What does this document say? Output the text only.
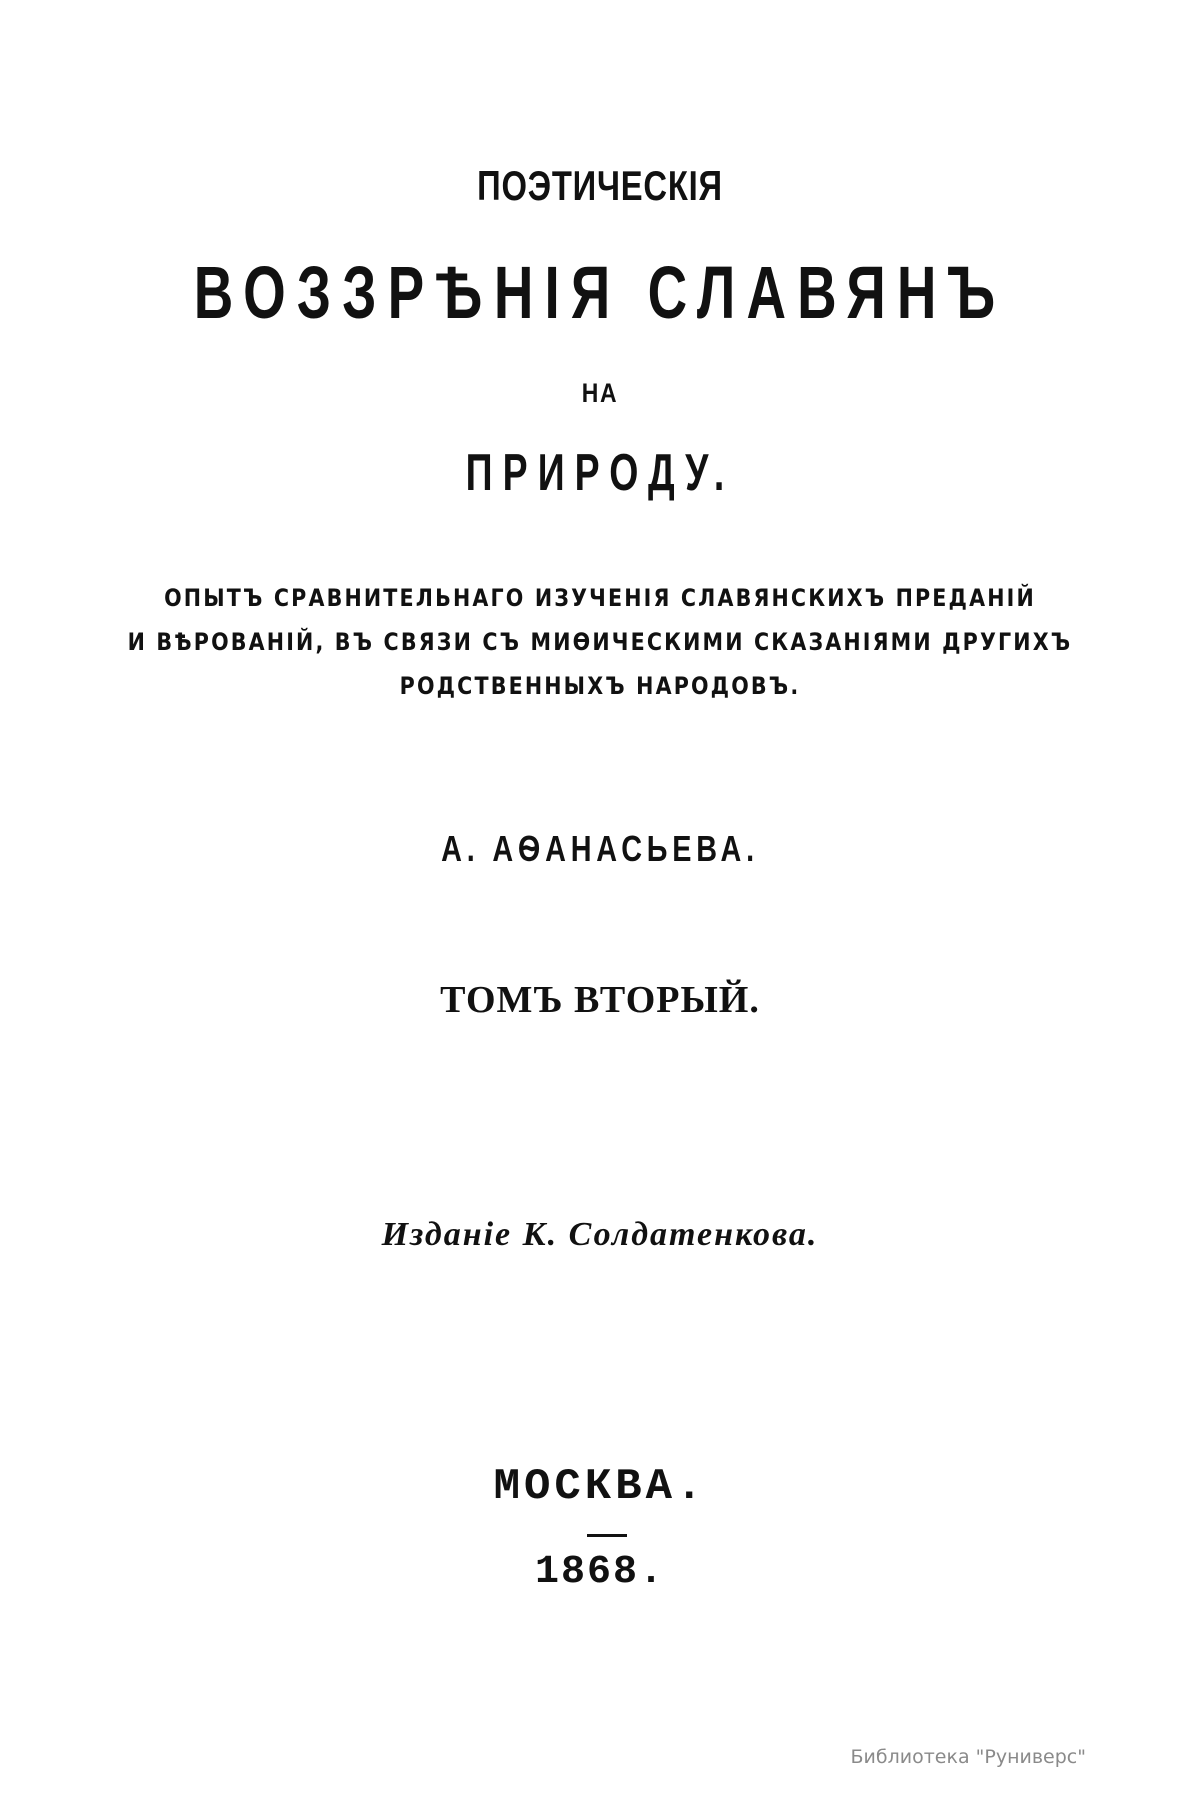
ПОЭТИЧЕСКІЯ
ВОЗЗРѢНІЯ СЛАВЯНЪ
НА
ПРИРОДУ.
ОПЫТЪ СРАВНИТЕЛЬНАГО ИЗУЧЕНІЯ СЛАВЯНСКИХЪ ПРЕДАНІЙ
И ВѢРОВАНІЙ, ВЪ СВЯЗИ СЪ МИѲИЧЕСКИМИ СКАЗАНІЯМИ ДРУГИХЪ
РОДСТВЕННЫХЪ НАРОДОВЪ.
А. АѲАНАСЬЕВА.
ТОМЪ ВТОРЫЙ.
Изданіе К. Солдатенкова.
МОСКВА.
1868.
Библиотека "Руниверс"
